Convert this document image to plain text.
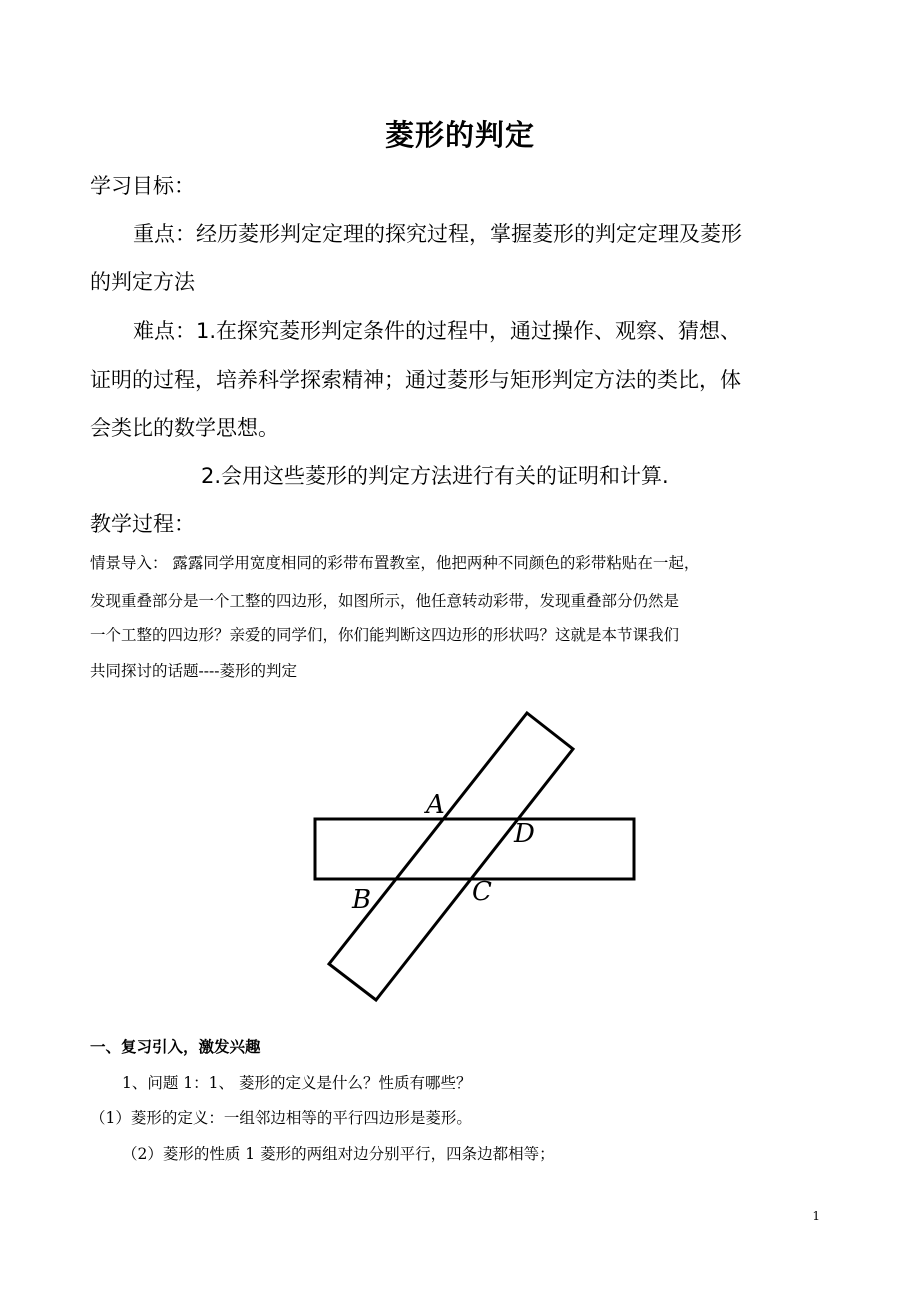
菱形的判定
学习目标：
重点：经历菱形判定定理的探究过程，掌握菱形的判定定理及菱形
的判定方法
难点：1.在探究菱形判定条件的过程中，通过操作、观察、猜想、
证明的过程，培养科学探索精神；通过菱形与矩形判定方法的类比，体
会类比的数学思想。
2.会用这些菱形的判定方法进行有关的证明和计算.
教学过程：
情景导入： 露露同学用宽度相同的彩带布置教室，他把两种不同颜色的彩带粘贴在一起，
发现重叠部分是一个工整的四边形，如图所示，他任意转动彩带，发现重叠部分仍然是
一个工整的四边形？亲爱的同学们，你们能判断这四边形的形状吗？这就是本节课我们
共同探讨的话题----菱形的判定
A
D
B	C
一、复习引入，激发兴趣
1、问题 1：1、 菱形的定义是什么？性质有哪些？
（1）菱形的定义：一组邻边相等的平行四边形是菱形。
（2）菱形的性质 1 菱形的两组对边分别平行，四条边都相等；
1
